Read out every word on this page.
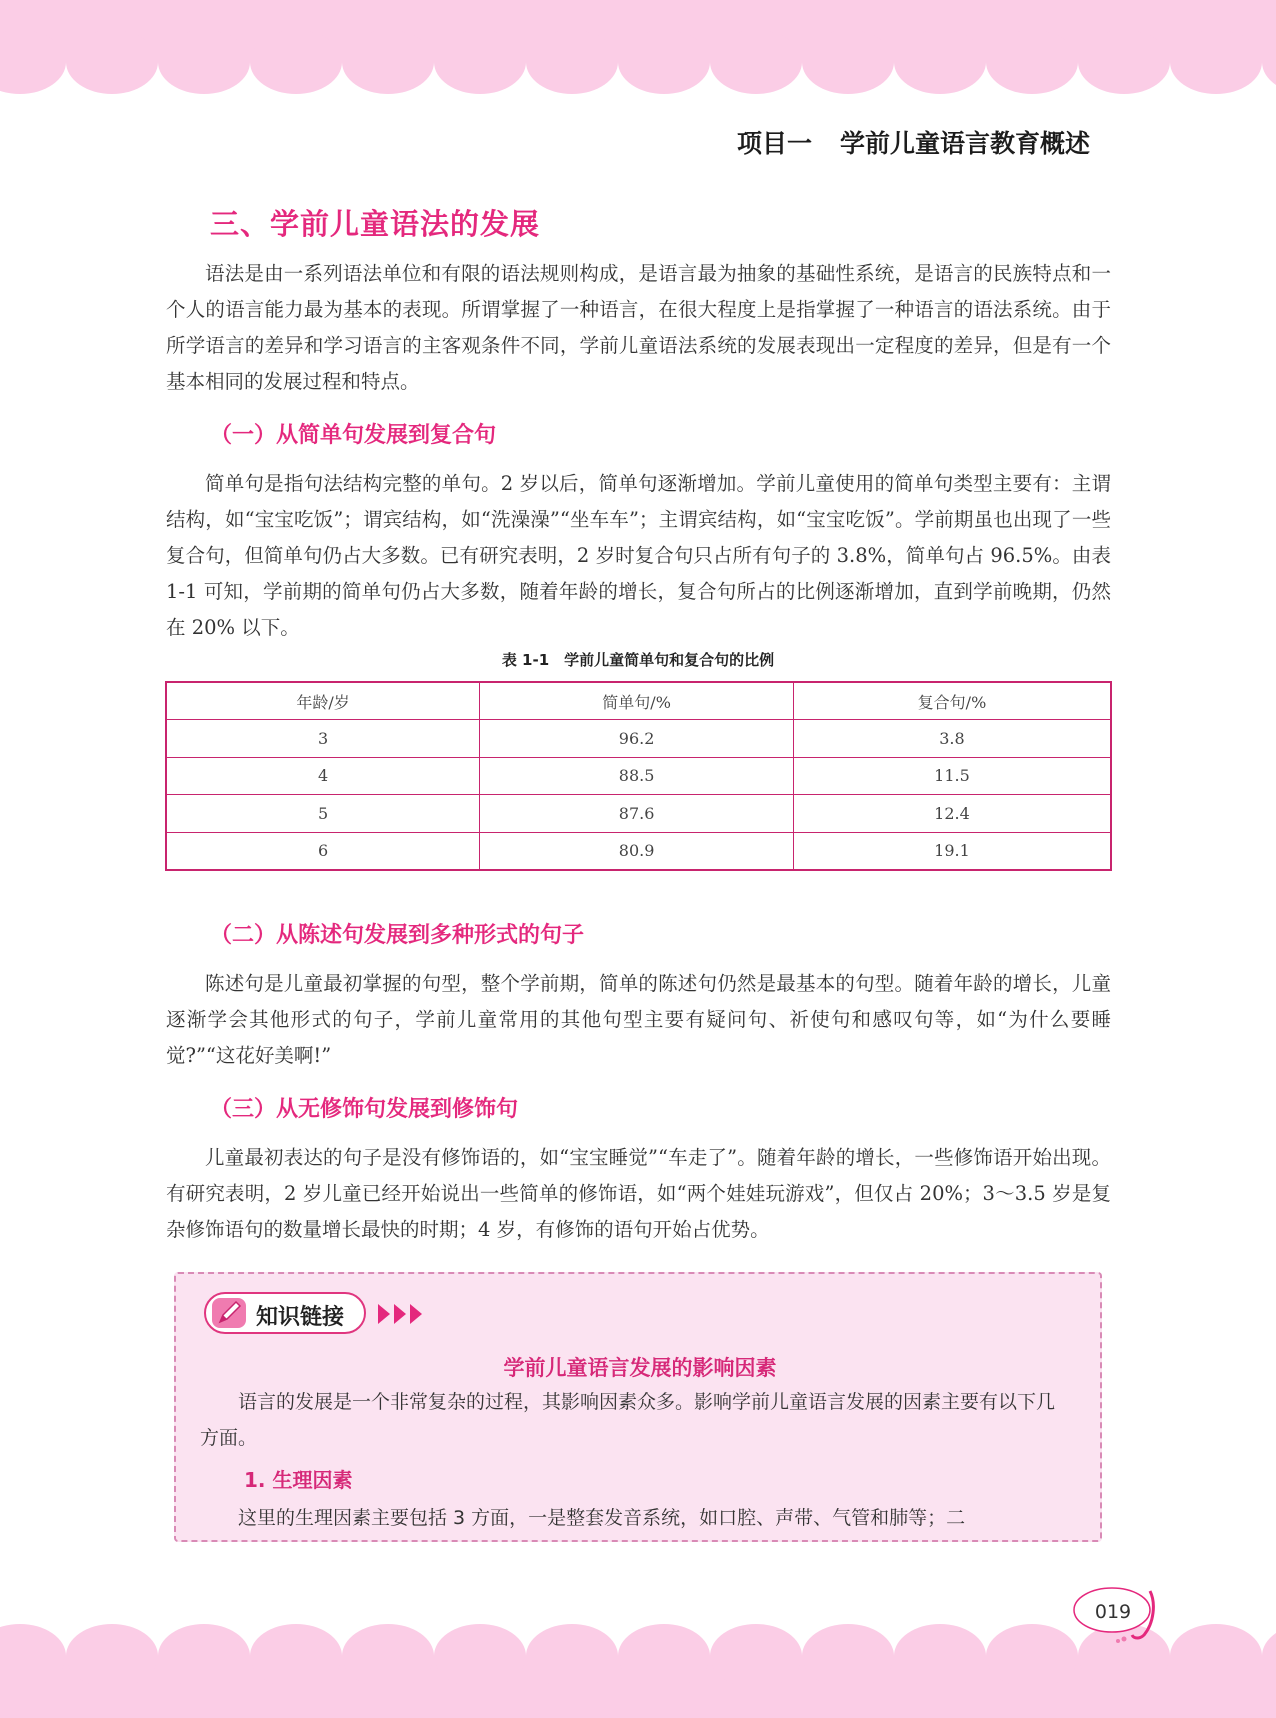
项目一 学前儿童语言教育概述
三、学前儿童语法的发展

语法是由一系列语法单位和有限的语法规则构成，是语言最为抽象的基础性系统，是语言的民族特点和一个人的语言能力最为基本的表现。所谓掌握了一种语言，在很大程度上是指掌握了一种语言的语法系统。由于所学语言的差异和学习语言的主客观条件不同，学前儿童语法系统的发展表现出一定程度的差异，但是有一个基本相同的发展过程和特点。

（一）从简单句发展到复合句

简单句是指句法结构完整的单句。2 岁以后，简单句逐渐增加。学前儿童使用的简单句类型主要有：主谓结构，如“宝宝吃饭”；谓宾结构，如“洗澡澡”“坐车车”；主谓宾结构，如“宝宝吃饭”。学前期虽也出现了一些复合句，但简单句仍占大多数。已有研究表明，2 岁时复合句只占所有句子的 3.8%，简单句占 96.5%。由表 1-1 可知，学前期的简单句仍占大多数，随着年龄的增长，复合句所占的比例逐渐增加，直到学前晚期，仍然在 20% 以下。

表 1-1　学前儿童简单句和复合句的比例
年龄/岁	简单句/%	复合句/%
3	96.2	3.8
4	88.5	11.5
5	87.6	12.4
6	80.9	19.1
（二）从陈述句发展到多种形式的句子

陈述句是儿童最初掌握的句型，整个学前期，简单的陈述句仍然是最基本的句型。随着年龄的增长，儿童逐渐学会其他形式的句子，学前儿童常用的其他句型主要有疑问句、祈使句和感叹句等，如“为什么要睡觉?”“这花好美啊!”

（三）从无修饰句发展到修饰句

儿童最初表达的句子是没有修饰语的，如“宝宝睡觉”“车走了”。随着年龄的增长，一些修饰语开始出现。有研究表明，2 岁儿童已经开始说出一些简单的修饰语，如“两个娃娃玩游戏”，但仅占 20%；3～3.5 岁是复杂修饰语句的数量增长最快的时期；4 岁，有修饰的语句开始占优势。

知识链接
学前儿童语言发展的影响因素

语言的发展是一个非常复杂的过程，其影响因素众多。影响学前儿童语言发展的因素主要有以下几方面。

1. 生理因素

这里的生理因素主要包括 3 方面，一是整套发音系统，如口腔、声带、气管和肺等；二

019
